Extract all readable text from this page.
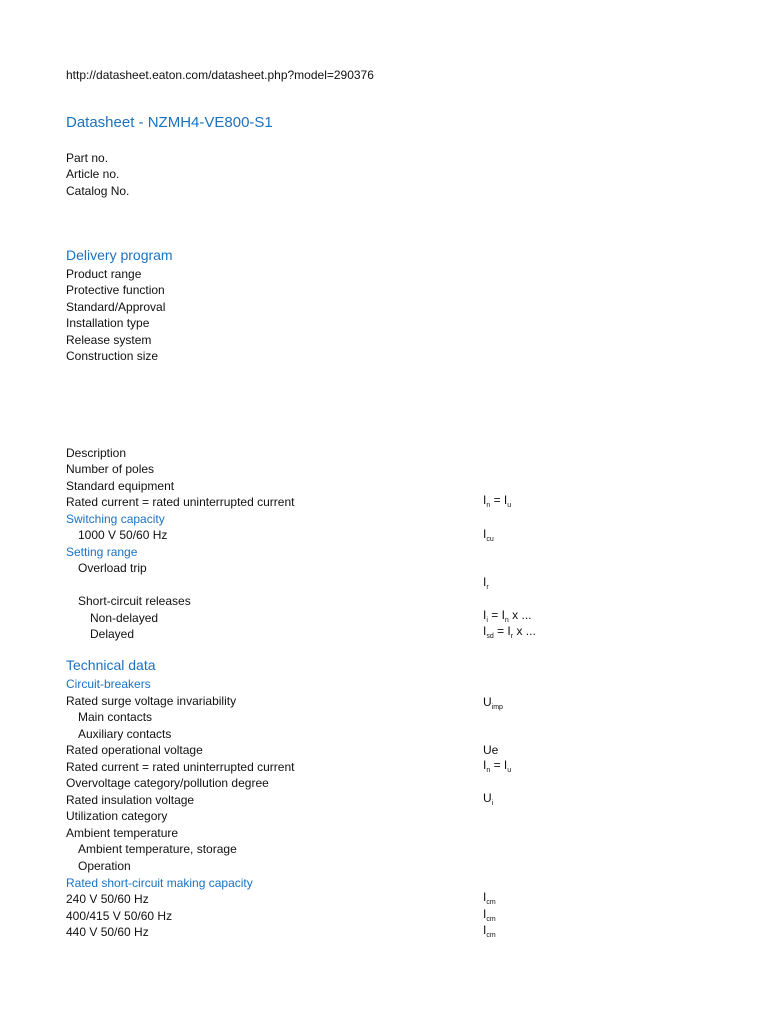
http://datasheet.eaton.com/datasheet.php?model=290376
Datasheet - NZMH4-VE800-S1
Part no.
Article no.
Catalog No.
Delivery program
Product range
Protective function
Standard/Approval
Installation type
Release system
Construction size
Description
Number of poles
Standard equipment
Rated current = rated uninterrupted current
Switching capacity
1000 V 50/60 Hz
Setting range
Overload trip
Short-circuit releases
Non-delayed
Delayed
$I_n = I_u$
$I_{cu}$
$I_r$
$I_i = I_n$ x ...
$I_{sd} = I_r$ x ...
Technical data
Circuit-breakers
Rated surge voltage invariability
Main contacts
Auxiliary contacts
Rated operational voltage
Rated current = rated uninterrupted current
Overvoltage category/pollution degree
Rated insulation voltage
Utilization category
Ambient temperature
Ambient temperature, storage
Operation
Rated short-circuit making capacity
240 V 50/60 Hz
400/415 V 50/60 Hz
440 V 50/60 Hz
$U_{imp}$
Ue
$I_n = I_u$
$U_i$
$I_{cm}$
$I_{cm}$
$I_{cm}$
